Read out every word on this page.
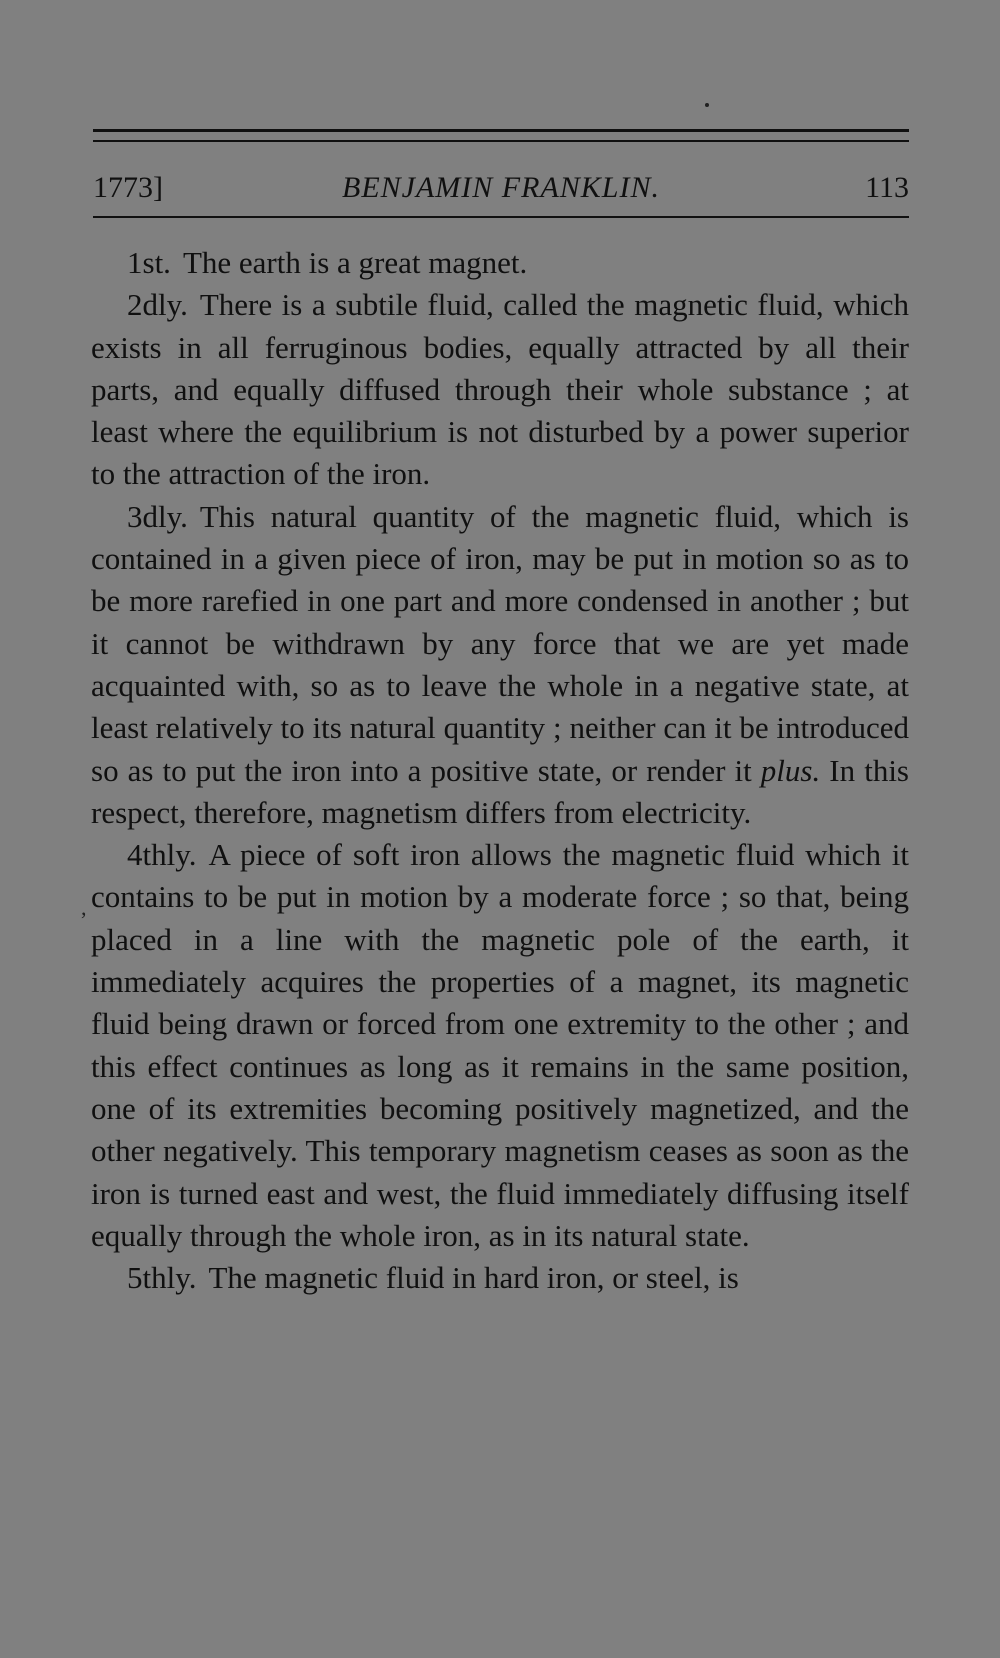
1773]	BENJAMIN FRANKLIN.	113
,

1st. The earth is a great magnet.

2dly. There is a subtile fluid, called the magnetic fluid, which exists in all ferruginous bodies, equally attracted by all their parts, and equally diffused through their whole substance ; at least where the equilibrium is not disturbed by a power superior to the attraction of the iron.

3dly. This natural quantity of the magnetic fluid, which is contained in a given piece of iron, may be put in motion so as to be more rarefied in one part and more condensed in another ; but it cannot be withdrawn by any force that we are yet made acquainted with, so as to leave the whole in a negative state, at least relatively to its natural quantity ; neither can it be introduced so as to put the iron into a positive state, or render it plus. In this respect, therefore, magnetism differs from electricity.

4thly. A piece of soft iron allows the magnetic fluid which it contains to be put in motion by a moderate force ; so that, being placed in a line with the magnetic pole of the earth, it immediately acquires the properties of a magnet, its magnetic fluid being drawn or forced from one extremity to the other ; and this effect continues as long as it remains in the same position, one of its extremities becoming positively magnetized, and the other negatively. This temporary magnetism ceases as soon as the iron is turned east and west, the fluid immediately diffusing itself equally through the whole iron, as in its natural state.

5thly. The magnetic fluid in hard iron, or steel, is
